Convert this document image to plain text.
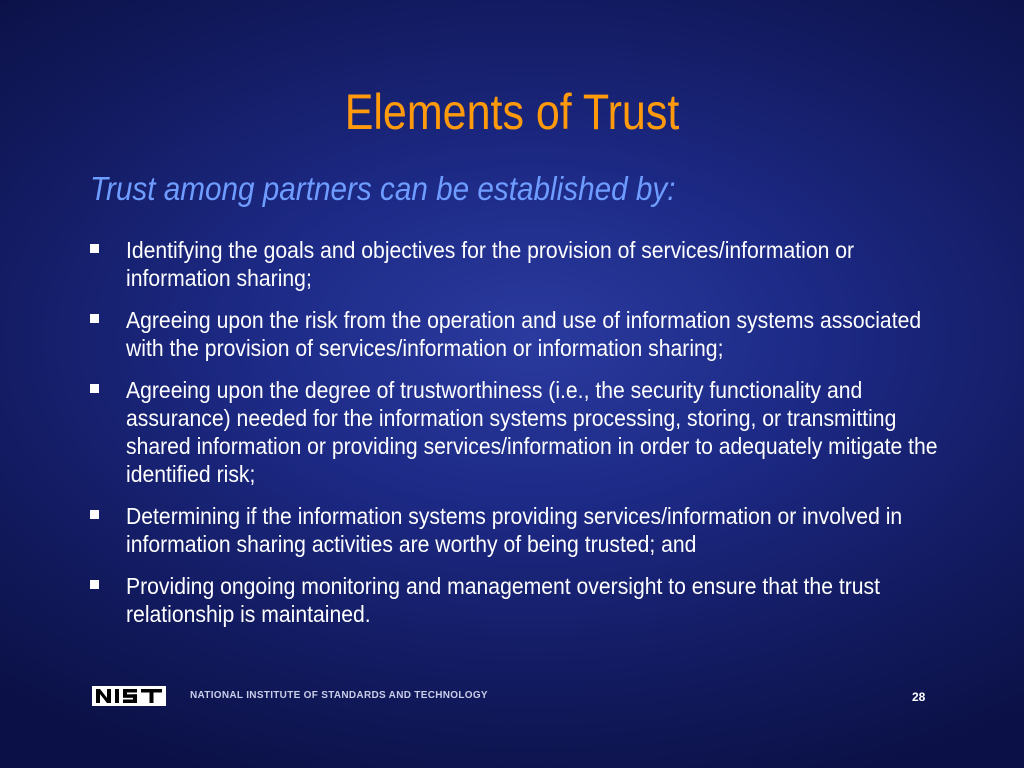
Elements of Trust
Trust among partners can be established by:
Identifying the goals and objectives for the provision of services/information or information sharing;
Agreeing upon the risk from the operation and use of information systems associated with the provision of services/information or information sharing;
Agreeing upon the degree of trustworthiness (i.e., the security functionality and assurance) needed for the information systems processing, storing, or transmitting shared information or providing services/information in order to adequately mitigate the identified risk;
Determining if the information systems providing services/information or involved in information sharing activities are worthy of being trusted; and
Providing ongoing monitoring and management oversight to ensure that the trust relationship is maintained.
NATIONAL INSTITUTE OF STANDARDS AND TECHNOLOGY	28
